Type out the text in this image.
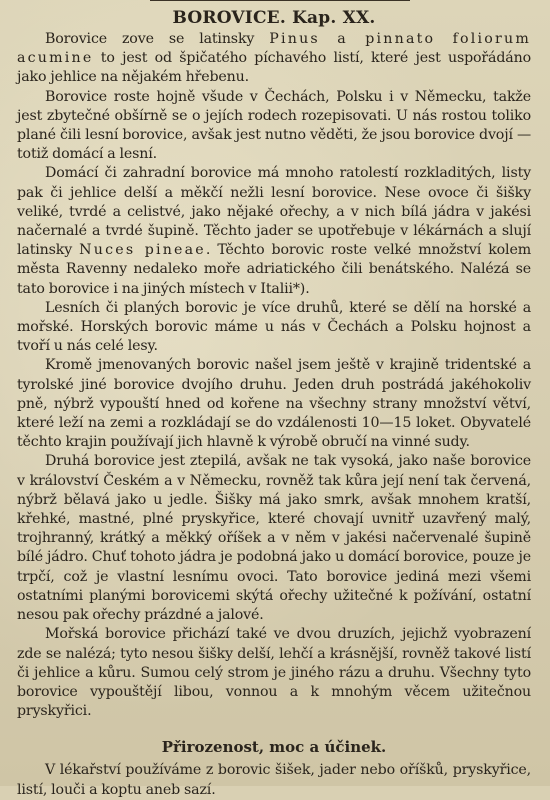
BOROVICE. Kap. XX.

Borovice zove se latinsky Pinus a pinnato foliorum acumine to jest od špičatého píchavého listí, které jest uspořádáno jako jehlice na nějakém hřebenu.

Borovice roste hojně všude v Čechách, Polsku i v Německu, takže jest zbytečné obšírně se o jejích rodech rozepisovati. U nás rostou toliko plané čili lesní borovice, avšak jest nutno věděti, že jsou borovice dvojí — totiž domácí a lesní.

Domácí či zahradní borovice má mnoho ratolestí rozkladitých, listy pak či jehlice delší a měkčí nežli lesní borovice. Nese ovoce či šišky veliké, tvrdé a celistvé, jako nějaké ořechy, a v nich bílá jádra v jakési načernalé a tvrdé šupině. Těchto jader se upotřebuje v lékárnách a slují latinsky Nuces pineae. Těchto borovic roste velké množství kolem města Ravenny nedaleko moře adriatického čili benátského. Nalézá se tato borovice i na jiných místech v Italii*).

Lesních či planých borovic je více druhů, které se dělí na horské a mořské. Horských borovic máme u nás v Čechách a Polsku hojnost a tvoří u nás celé lesy.

Kromě jmenovaných borovic našel jsem ještě v krajině tridentské a tyrolské jiné borovice dvojího druhu. Jeden druh postrádá jakéhokoliv pně, nýbrž vypouští hned od kořene na všechny strany množství větví, které leží na zemi a rozkládají se do vzdálenosti 10—15 loket. Obyvatelé těchto krajin používají jich hlavně k výrobě obručí na vinné sudy.

Druhá borovice jest ztepilá, avšak ne tak vysoká, jako naše borovice v království Českém a v Německu, rovněž tak kůra její není tak červená, nýbrž bělavá jako u jedle. Šišky má jako smrk, avšak mnohem kratší, křehké, mastné, plné pryskyřice, které chovají uvnitř uzavřený malý, trojhranný, krátký a měkký oříšek a v něm v jakési načervenalé šupině bílé jádro. Chuť tohoto jádra je podobná jako u domácí borovice, pouze je trpčí, což je vlastní lesnímu ovoci. Tato borovice jediná mezi všemi ostatními planými borovicemi skýtá ořechy užitečné k požívání, ostatní nesou pak ořechy prázdné a jalové.

Mořská borovice přichází také ve dvou druzích, jejichž vyobrazení zde se nalézá; tyto nesou šišky delší, lehčí a krásnější, rovněž takové listí či jehlice a kůru. Sumou celý strom je jiného rázu a druhu. Všechny tyto borovice vypouštějí libou, vonnou a k mnohým věcem užitečnou pryskyřici.

Přirozenost, moc a účinek.

V lékařství používáme z borovic šišek, jader nebo oříšků, pryskyřice, listí, louči a koptu aneb sazí.
